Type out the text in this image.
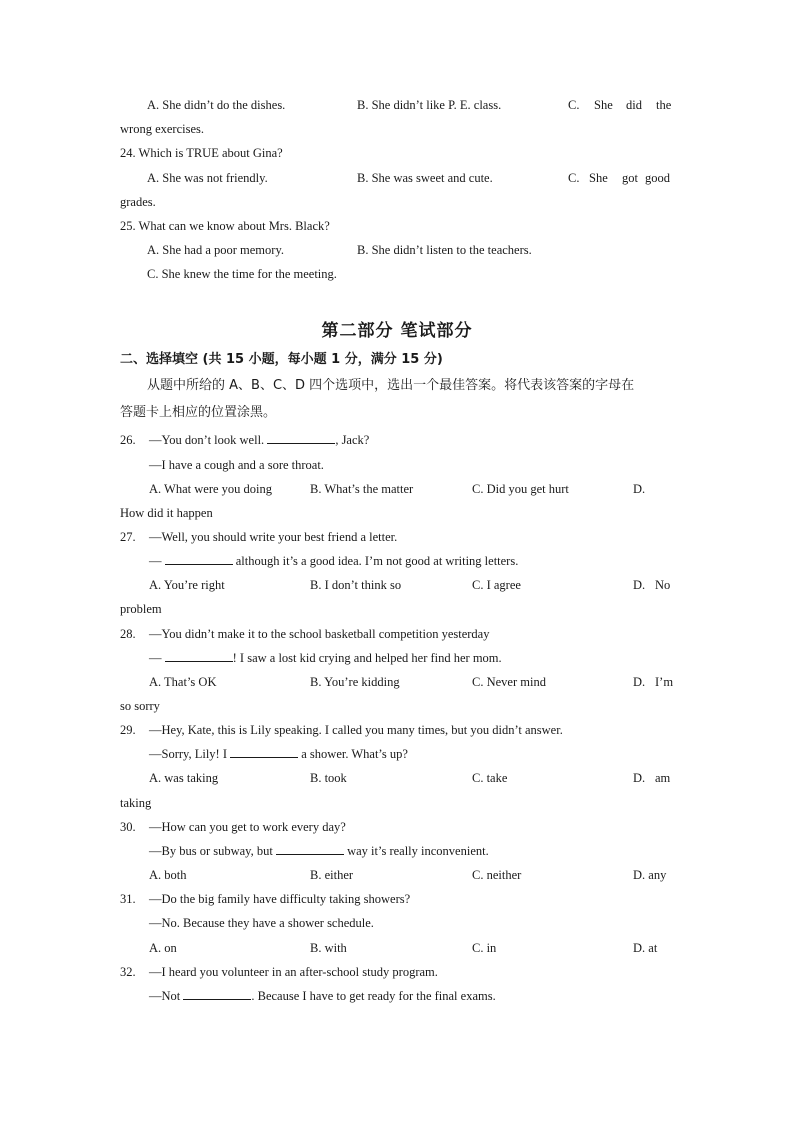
A. She didn’t do the dishes.	B. She didn’t like P. E. class.	C. She did the
wrong exercises.
24. Which is TRUE about Gina?
A. She was not friendly.	B. She was sweet and cute.	C. She got good
grades.
25. What can we know about Mrs. Black?
A. She had a poor memory.	B. She didn’t listen to the teachers.
C. She knew the time for the meeting.
第二部分 笔试部分
二、选择填空 (共 15 小题，每小题 1 分，满分 15 分)
从题中所给的 A、B、C、D 四个选项中，选出一个最佳答案。将代表该答案的字母在
答题卡上相应的位置涂黑。
26. —You don’t look well.	, Jack?
—I have a cough and a sore throat.
A. What were you doing	B. What’s the matter	C. Did you get hurt	D.
How did it happen
27. —Well, you should write your best friend a letter.
—	although it’s a good idea. I’m not good at writing letters.
A. You’re right	B. I don’t think so	C. I agree	D. No
problem
28. —You didn’t make it to the school basketball competition yesterday
—	! I saw a lost kid crying and helped her find her mom.
A. That’s OK	B. You’re kidding	C. Never mind	D. I’m
so sorry
29. —Hey, Kate, this is Lily speaking. I called you many times, but you didn’t answer.
—Sorry, Lily! I	a shower. What’s up?
A. was taking	B. took	C. take	D. am
taking
30. —How can you get to work every day?
—By bus or subway, but	way it’s really inconvenient.
A. both	B. either	C. neither	D. any
31. —Do the big family have difficulty taking showers?
—No. Because they have a shower schedule.
A. on	B. with	C. in	D. at
32. —I heard you volunteer in an after-school study program.
—Not	. Because I have to get ready for the final exams.
